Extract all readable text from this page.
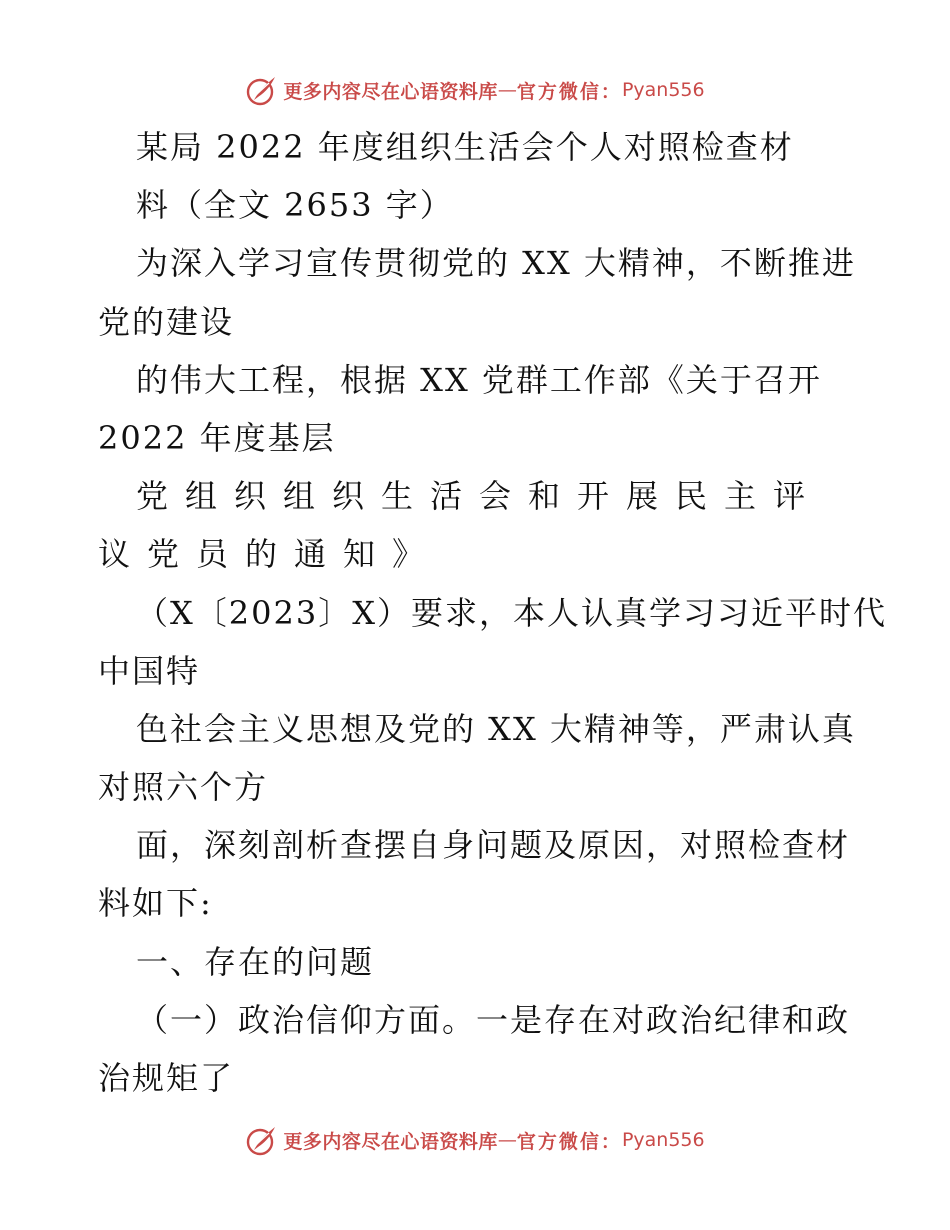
更多内容尽在心语资料库 — 官方微信： Pyan556
某局 2022 年度组织生活会个人对照检查材
料（全文 2653 字）
为深入学习宣传贯彻党的 XX 大精神，不断推进
党的建设
的伟大工程，根据 XX 党群工作部《关于召开
2022 年度基层
党组织组织生活会和开展民主评
议党员的通知》
（X〔2023〕X）要求，本人认真学习习近平时代
中国特
色社会主义思想及党的 XX 大精神等，严肃认真
对照六个方
面，深刻剖析查摆自身问题及原因，对照检查材
料如下:
一、存在的问题
（一）政治信仰方面。一是存在对政治纪律和政
治规矩了
更多内容尽在心语资料库 — 官方微信： Pyan556
